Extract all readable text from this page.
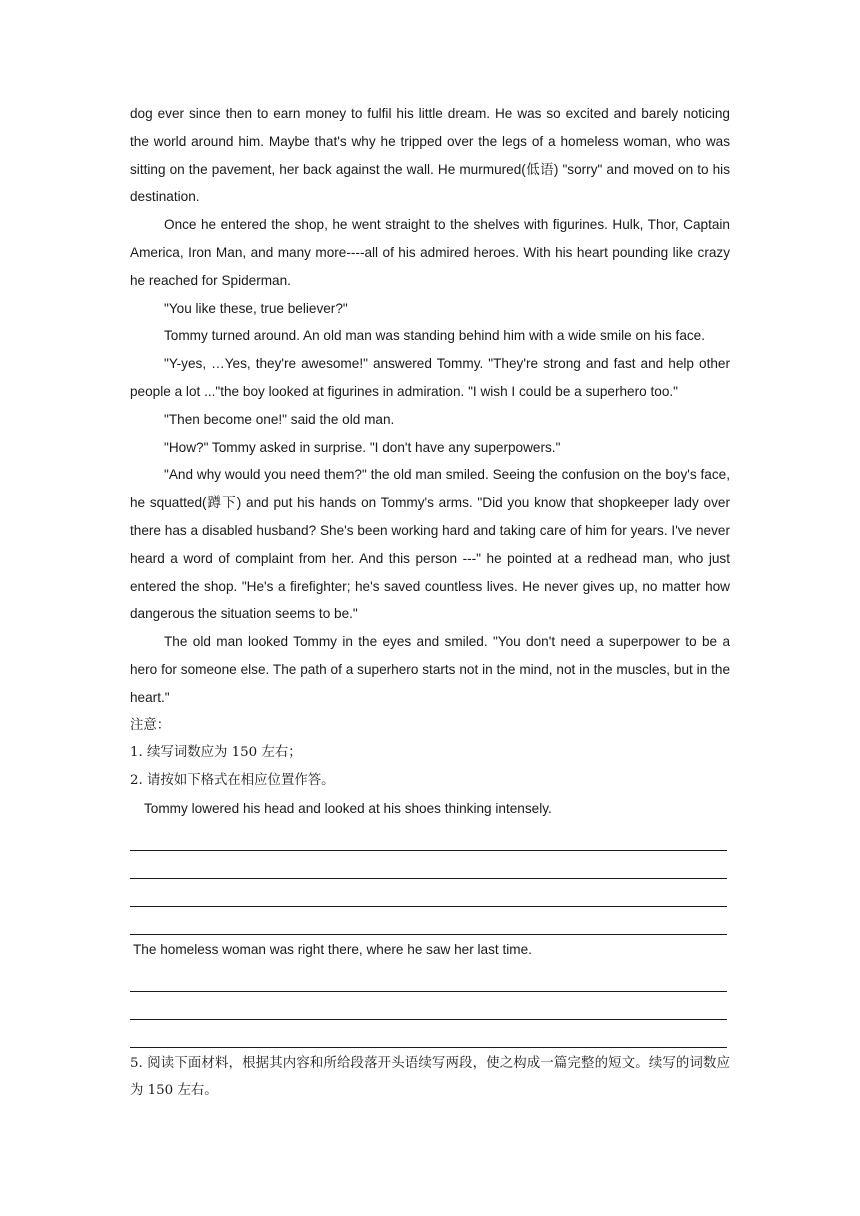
dog ever since then to earn money to fulfil his little dream. He was so excited and barely noticing the world around him. Maybe that's why he tripped over the legs of a homeless woman, who was sitting on the pavement, her back against the wall. He murmured(低语) "sorry" and moved on to his destination.

Once he entered the shop, he went straight to the shelves with figurines. Hulk, Thor, Captain America, Iron Man, and many more----all of his admired heroes. With his heart pounding like crazy he reached for Spiderman.

"You like these, true believer?"

Tommy turned around. An old man was standing behind him with a wide smile on his face.

"Y-yes, …Yes, they're awesome!" answered Tommy. "They're strong and fast and help other people a lot ..."the boy looked at figurines in admiration. "I wish I could be a superhero too."

"Then become one!" said the old man.

"How?" Tommy asked in surprise. "I don't have any superpowers."

"And why would you need them?" the old man smiled. Seeing the confusion on the boy's face, he squatted(蹲下) and put his hands on Tommy's arms. "Did you know that shopkeeper lady over there has a disabled husband? She's been working hard and taking care of him for years. I've never heard a word of complaint from her. And this person ---" he pointed at a redhead man, who just entered the shop. "He's a firefighter; he's saved countless lives. He never gives up, no matter how dangerous the situation seems to be."

The old man looked Tommy in the eyes and smiled. "You don't need a superpower to be a hero for someone else. The path of a superhero starts not in the mind, not in the muscles, but in the heart."

注意：

1. 续写词数应为 150 左右；

2. 请按如下格式在相应位置作答。

Tommy lowered his head and looked at his shoes thinking intensely.

The homeless woman was right there, where he saw her last time.

5. 阅读下面材料，根据其内容和所给段落开头语续写两段，使之构成一篇完整的短文。续写的词数应为 150 左右。
